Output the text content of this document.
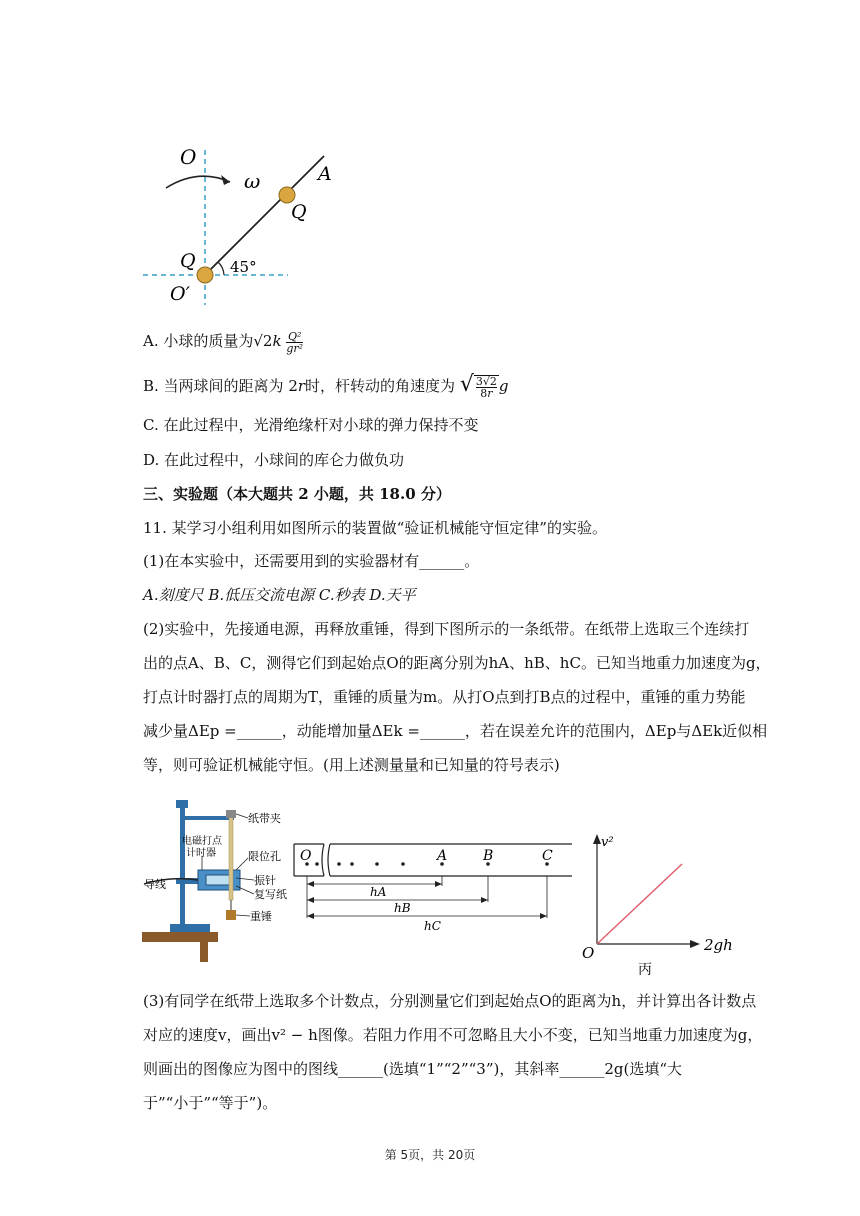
O
ω	A
Q
Q 45°
O′
A. 小球的质量为$√2k \frac{\text{Q²}}{\text{gr²}}$
B. 当两球间的距离为 2r时，杆转动的角速度为 √ $\frac{3√2}{8r}$ g
C. 在此过程中，光滑绝缘杆对小球的弹力保持不变
D. 在此过程中，小球间的库仑力做负功
三、实验题（本大题共 2 小题，共 18.0 分）
11. 某学习小组利用如图所示的装置做“验证机械能守恒定律”的实验。
(1)在本实验中，还需要用到的实验器材有______。
A.刻度尺 B.低压交流电源 C.秒表 D.天平
(2)实验中，先接通电源，再释放重锤，得到下图所示的一条纸带。在纸带上选取三个连续打
出的点A、B、C，测得它们到起始点O的距离分别为hA、hB、hC。已知当地重力加速度为g，
打点计时器打点的周期为T，重锤的质量为m。从打O点到打B点的过程中，重锤的重力势能
减少量ΔEp =______，动能增加量ΔEk =______，若在误差允许的范围内，ΔEp与ΔEk近似相
等，则可验证机械能守恒。(用上述测量量和已知量的符号表示)
纸带夹
电磁打点
计时器	限位孔
振针
复写纸
导线
重锤
O	A	B	C
hA
hB
hC
v²
2gh
O
丙
(3)有同学在纸带上选取多个计数点，分别测量它们到起始点O的距离为h，并计算出各计数点
对应的速度v，画出v² − h图像。若阻力作用不可忽略且大小不变，已知当地重力加速度为g，
则画出的图像应为图中的图线______(选填“1”“2”“3”)，其斜率______2g(选填“大
于”“小于”“等于”)。
第 5页，共 20页
